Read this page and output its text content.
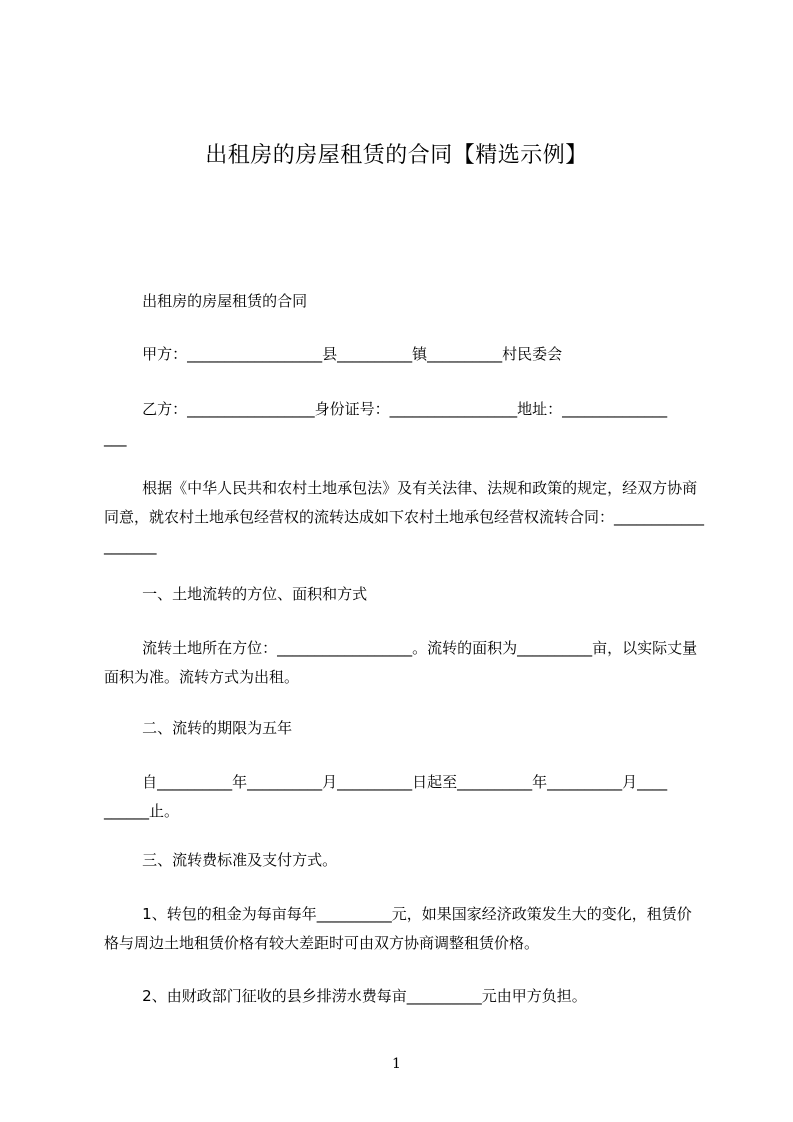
出租房的房屋租赁的合同【精选示例】
出租房的房屋租赁的合同
甲方：__________________县__________镇__________村民委会
乙方：_________________身份证号：_________________地址：______________
___
根据《中华人民共和农村土地承包法》及有关法律、法规和政策的规定，经双方协商同意，就农村土地承包经营权的流转达成如下农村土地承包经营权流转合同：___________________
一、土地流转的方位、面积和方式
流转土地所在方位：__________________。流转的面积为__________亩，以实际丈量面积为准。流转方式为出租。
二、流转的期限为五年
自__________年__________月__________日起至__________年__________月____
______止。
三、流转费标准及支付方式。
1、转包的租金为每亩每年__________元，如果国家经济政策发生大的变化，租赁价格与周边土地租赁价格有较大差距时可由双方协商调整租赁价格。
2、由财政部门征收的县乡排涝水费每亩__________元由甲方负担。
1
